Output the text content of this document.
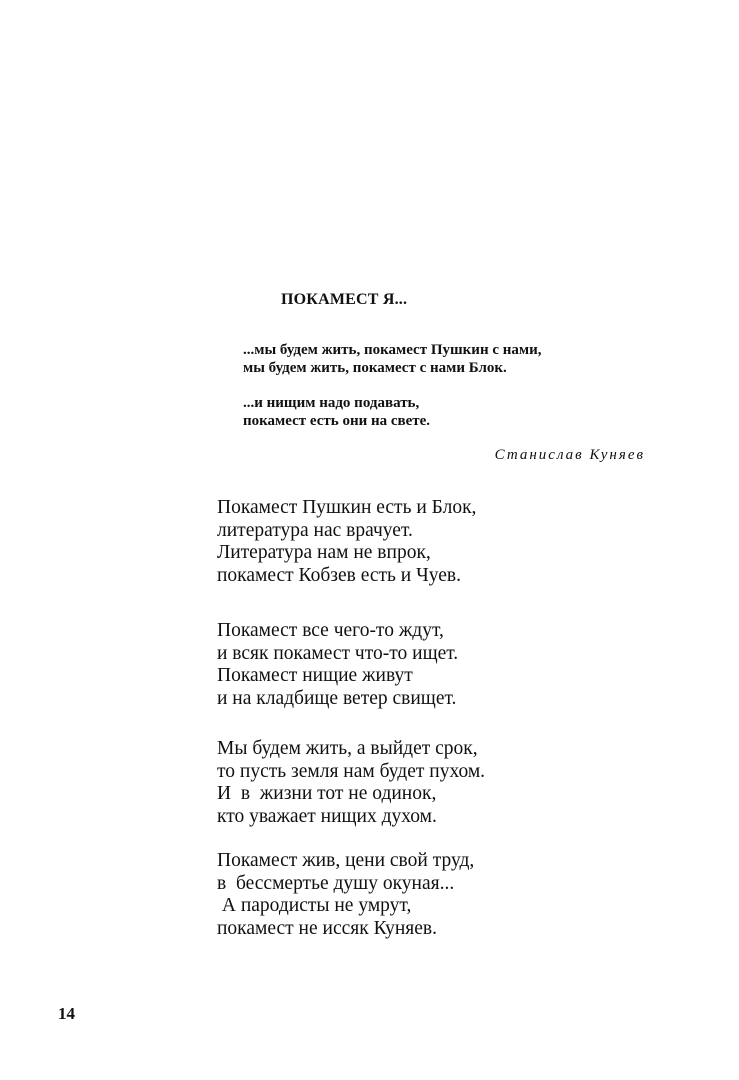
ПОКАМЕСТ Я...
...мы будем жить, покамест Пушкин с нами,
мы будем жить, покамест с нами Блок.
...и нищим надо подавать,
покамест есть они на свете.
Станислав Куняев
Покамест Пушкин есть и Блок,
литература нас врачует.
Литература нам не впрок,
покамест Кобзев есть и Чуев.
Покамест все чего-то ждут,
и всяк покамест что-то ищет.
Покамест нищие живут
и на кладбище ветер свищет.
Мы будем жить, а выйдет срок,
то пусть земля нам будет пухом.
И  в  жизни тот не одинок,
кто уважает нищих духом.
Покамест жив, цени свой труд,
в  бессмертье душу окуная...
А пародисты не умрут,
покамест не иссяк Куняев.
14
